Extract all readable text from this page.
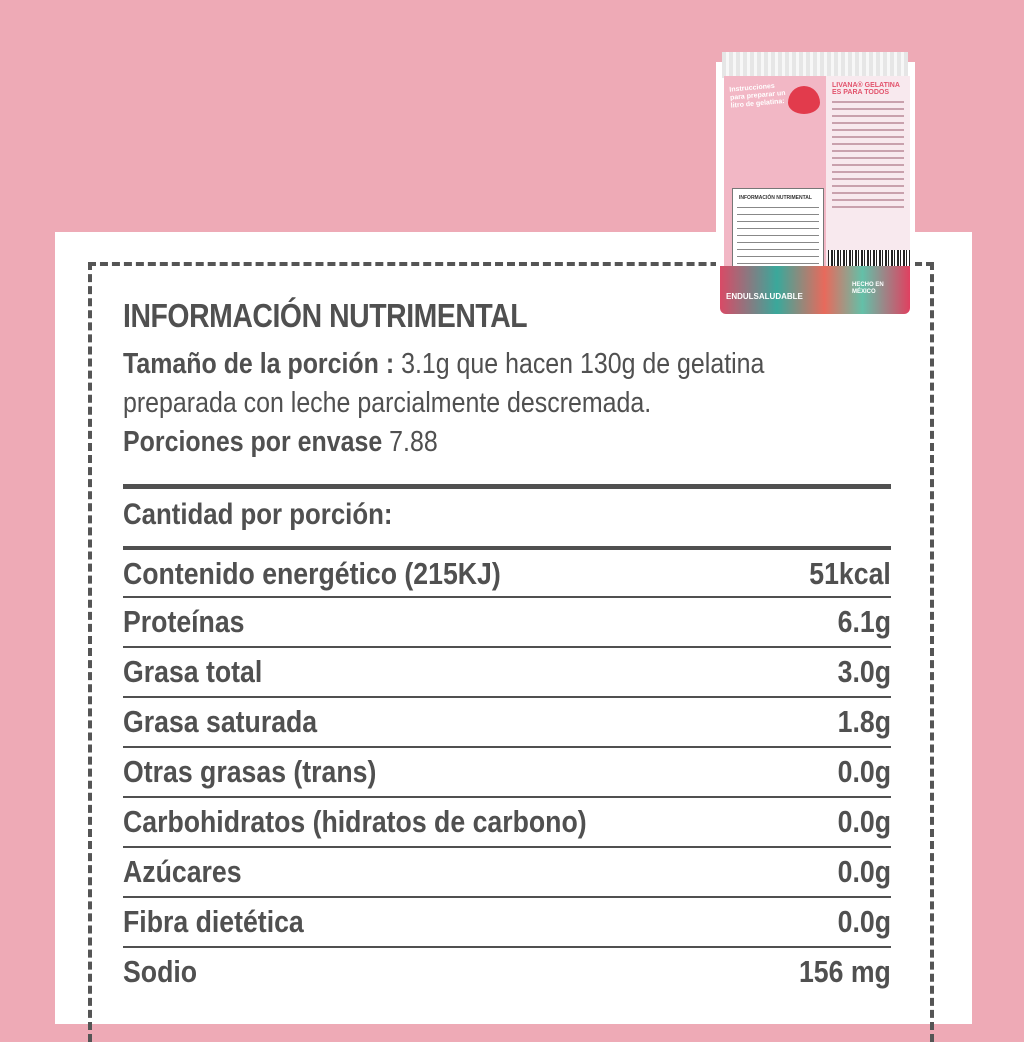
INFORMACIÓN NUTRIMENTAL
Tamaño de la porción : 3.1g que hacen 130g de gelatina preparada con leche parcialmente descremada.
Porciones por envase 7.88
Cantidad por porción:
Contenido energético (215KJ)	51kcal
Proteínas	6.1g
Grasa total	3.0g
Grasa saturada	1.8g
Otras grasas (trans)	0.0g
Carbohidratos (hidratos de carbono)	0.0g
Azúcares	0.0g
Fibra dietética	0.0g
Sodio	156 mg
Instrucciones para preparar un litro de gelatina:
INFORMACIÓN NUTRIMENTAL
LIVANA® GELATINA ES PARA TODOS
ENDULSALUDABLE
HECHO EN MÉXICO
